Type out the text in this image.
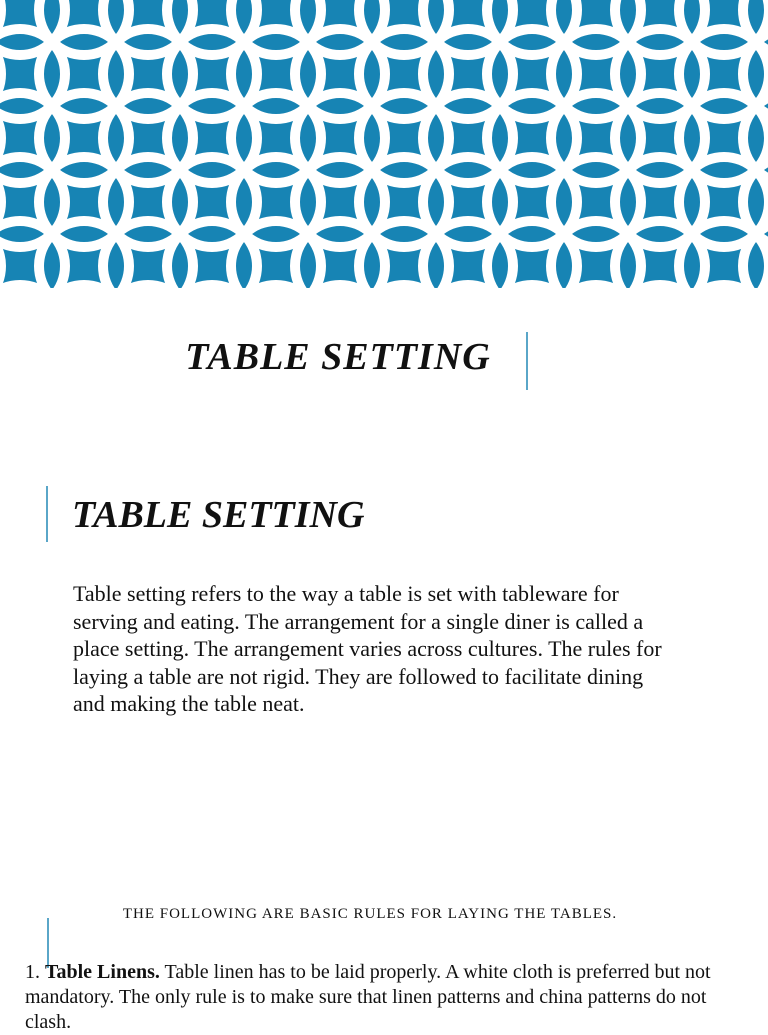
TABLE SETTING
TABLE SETTING

Table setting refers to the way a table is set with tableware for serving and eating. The arrangement for a single diner is called a place setting. The arrangement varies across cultures. The rules for laying a table are not rigid. They are followed to facilitate dining and making the table neat.

THE FOLLOWING ARE BASIC RULES FOR LAYING THE TABLES.

1. Table Linens. Table linen has to be laid properly. A white cloth is preferred but not mandatory. The only rule is to make sure that linen patterns and china patterns do not clash.
